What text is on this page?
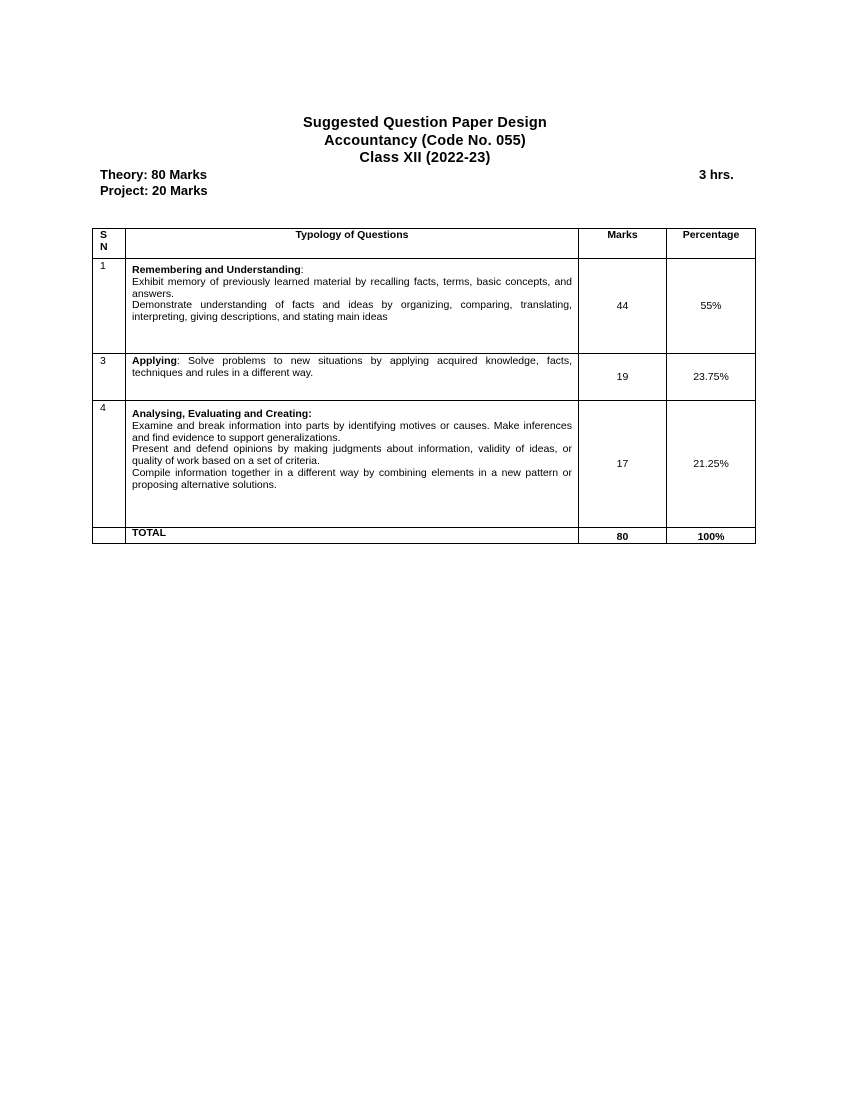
Suggested Question Paper Design
Accountancy (Code No. 055)
Class XII (2022-23)
Theory: 80 Marks
Project: 20 Marks
3 hrs.
S
N	Typology of Questions	Marks	Percentage
1	Remembering and Understanding:
Exhibit memory of previously learned material by recalling facts, terms, basic concepts, and answers.
Demonstrate understanding of facts and ideas by organizing, comparing, translating, interpreting, giving descriptions, and stating main ideas	44	55%
3	Applying: Solve problems to new situations by applying acquired knowledge, facts, techniques and rules in a different way.	19	23.75%
4	Analysing, Evaluating and Creating:
Examine and break information into parts by identifying motives or causes. Make inferences and find evidence to support generalizations.
Present and defend opinions by making judgments about information, validity of ideas, or quality of work based on a set of criteria.
Compile information together in a different way by combining elements in a new pattern or proposing alternative solutions.	17	21.25%
	TOTAL	80	100%
